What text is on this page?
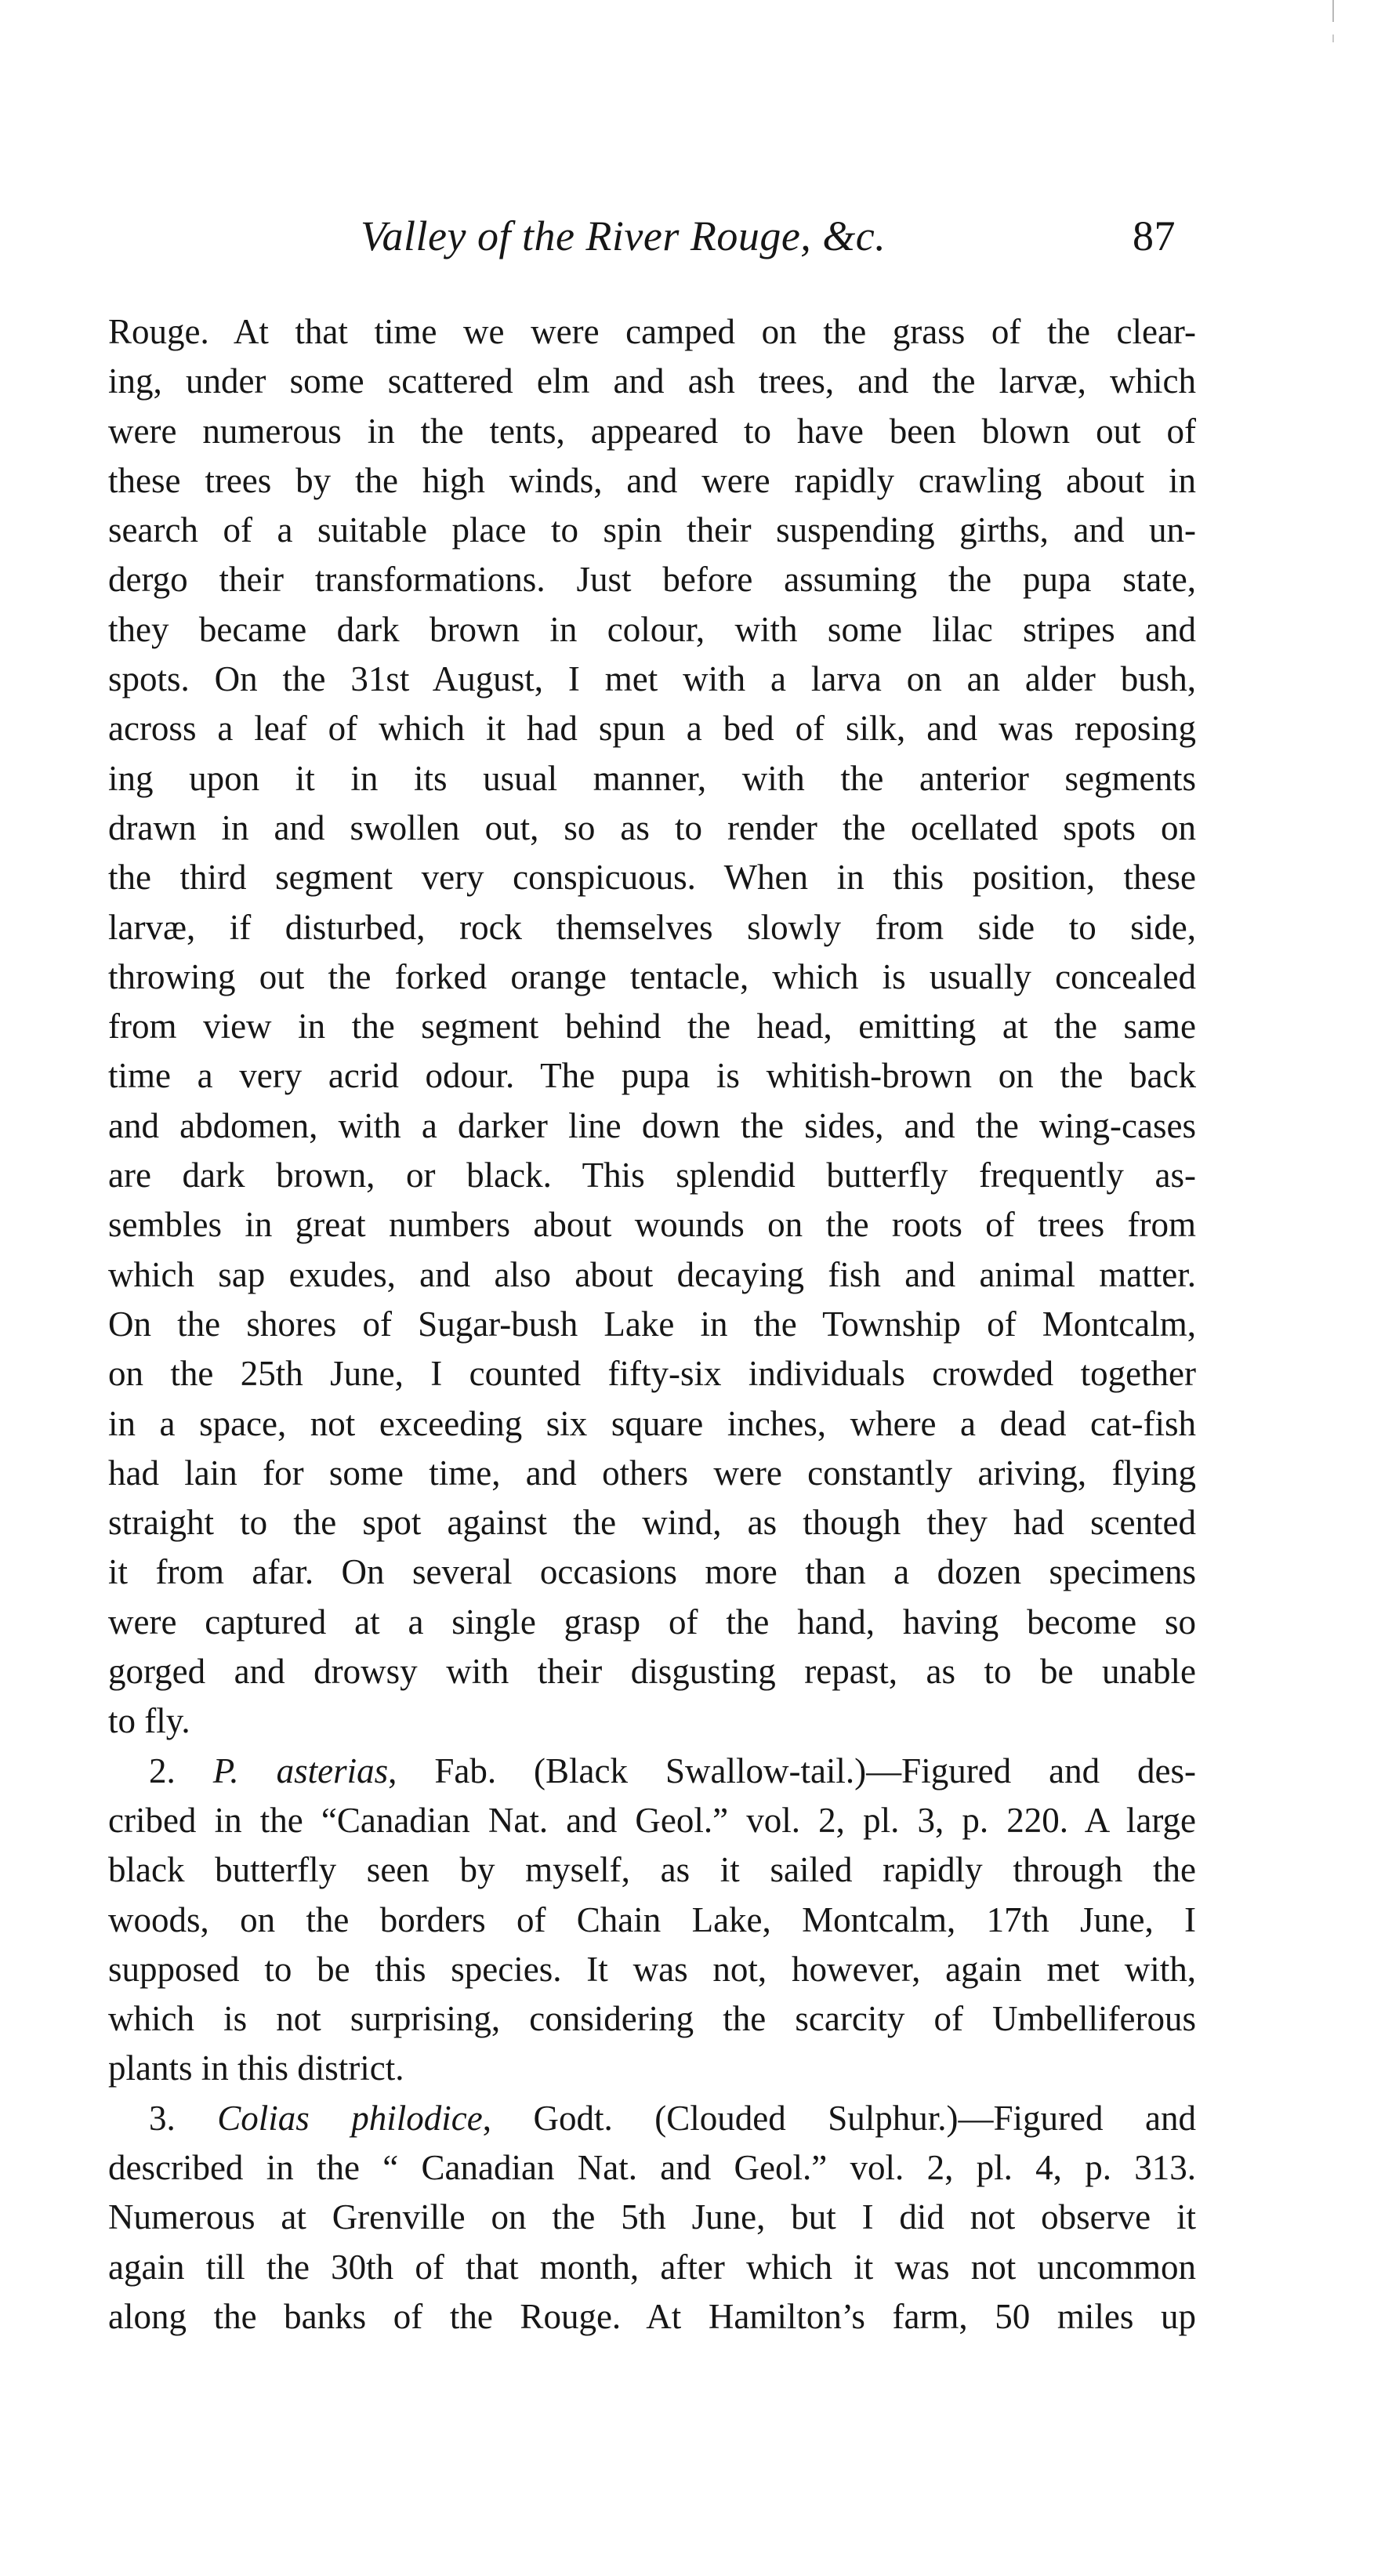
Valley of the River Rouge, &c.	87
Rouge. At that time we were camped on the grass of the clear-
ing, under some scattered elm and ash trees, and the larvæ, which
were numerous in the tents, appeared to have been blown out of
these trees by the high winds, and were rapidly crawling about in
search of a suitable place to spin their suspending girths, and un-
dergo their transformations. Just before assuming the pupa state,
they became dark brown in colour, with some lilac stripes and
spots. On the 31st August, I met with a larva on an alder bush,
across a leaf of which it had spun a bed of silk, and was reposing
ing upon it in its usual manner, with the anterior segments
drawn in and swollen out, so as to render the ocellated spots on
the third segment very conspicuous. When in this position, these
larvæ, if disturbed, rock themselves slowly from side to side,
throwing out the forked orange tentacle, which is usually concealed
from view in the segment behind the head, emitting at the same
time a very acrid odour. The pupa is whitish-brown on the back
and abdomen, with a darker line down the sides, and the wing-cases
are dark brown, or black. This splendid butterfly frequently as-
sembles in great numbers about wounds on the roots of trees from
which sap exudes, and also about decaying fish and animal matter.
On the shores of Sugar-bush Lake in the Township of Montcalm,
on the 25th June, I counted fifty-six individuals crowded together
in a space, not exceeding six square inches, where a dead cat-fish
had lain for some time, and others were constantly ariving, flying
straight to the spot against the wind, as though they had scented
it from afar. On several occasions more than a dozen specimens
were captured at a single grasp of the hand, having become so
gorged and drowsy with their disgusting repast, as to be unable
to fly.
2. P. asterias, Fab. (Black Swallow-tail.)—Figured and des-
cribed in the “Canadian Nat. and Geol.” vol. 2, pl. 3, p. 220. A large
black butterfly seen by myself, as it sailed rapidly through the
woods, on the borders of Chain Lake, Montcalm, 17th June, I
supposed to be this species. It was not, however, again met with,
which is not surprising, considering the scarcity of Umbelliferous
plants in this district.
3. Colias philodice, Godt. (Clouded Sulphur.)—Figured and
described in the “ Canadian Nat. and Geol.” vol. 2, pl. 4, p. 313.
Numerous at Grenville on the 5th June, but I did not observe it
again till the 30th of that month, after which it was not uncommon
along the banks of the Rouge. At Hamilton’s farm, 50 miles up
